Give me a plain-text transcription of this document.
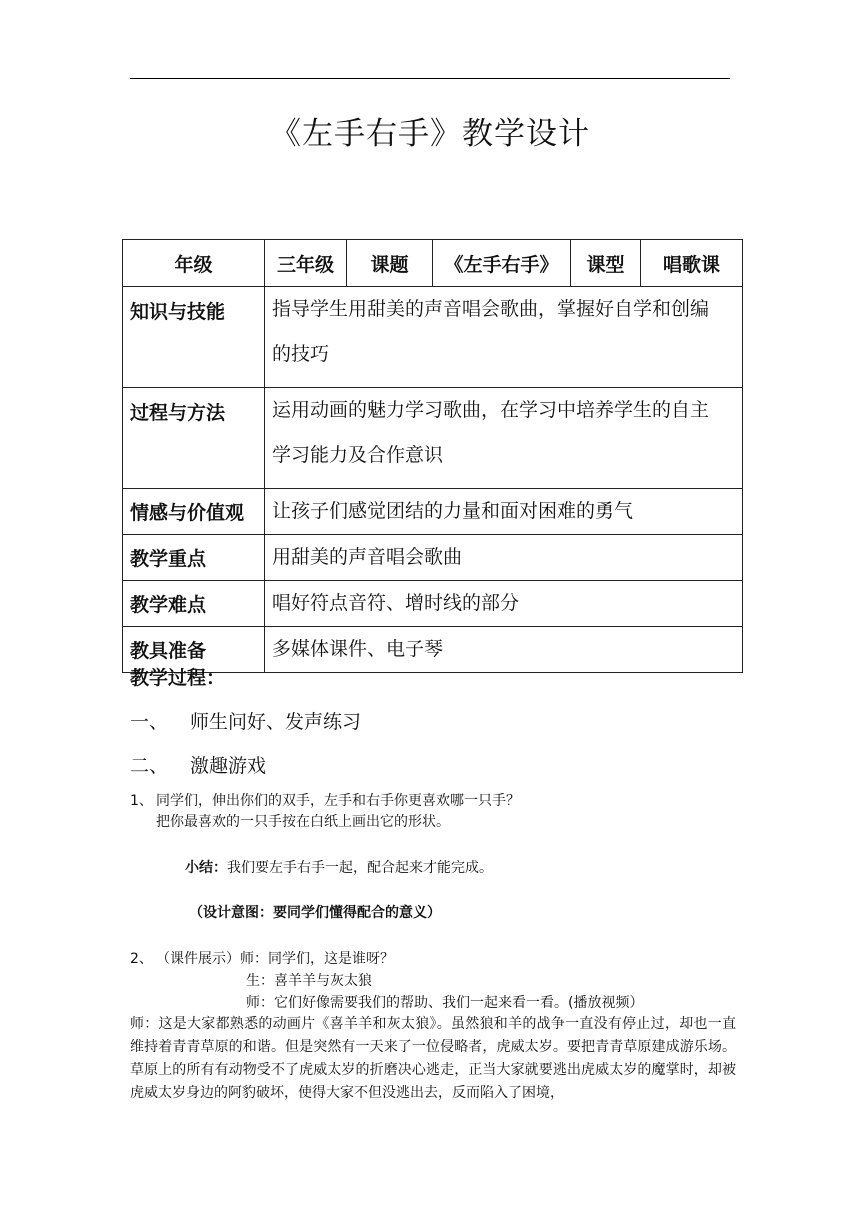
《左手右手》教学设计
年级	三年级	课题	《左手右手》	课型	唱歌课
知识与技能	指导学生用甜美的声音唱会歌曲，掌握好自学和创编
的技巧				
过程与方法	运用动画的魅力学习歌曲，在学习中培养学生的自主
学习能力及合作意识				
情感与价值观	让孩子们感觉团结的力量和面对困难的勇气				
教学重点	用甜美的声音唱会歌曲				
教学难点	唱好符点音符、增时线的部分				
教具准备	多媒体课件、电子琴				
教学过程：
一、 师生问好、发声练习
二、 激趣游戏
1、 同学们，伸出你们的双手，左手和右手你更喜欢哪一只手？
把你最喜欢的一只手按在白纸上画出它的形状。
小结：我们要左手右手一起，配合起来才能完成。
（设计意图：要同学们懂得配合的意义）
2、 （课件展示）师：同学们，这是谁呀？
生：喜羊羊与灰太狼
师：它们好像需要我们的帮助、我们一起来看一看。(播放视频）
师：这是大家都熟悉的动画片《喜羊羊和灰太狼》。虽然狼和羊的战争一直没有停止过，却也一直维持着青青草原的和谐。但是突然有一天来了一位侵略者，虎威太岁。要把青青草原建成游乐场。草原上的所有有动物受不了虎威太岁的折磨决心逃走，正当大家就要逃出虎威太岁的魔掌时，却被虎威太岁身边的阿豹破坏，使得大家不但没逃出去，反而陷入了困境，
